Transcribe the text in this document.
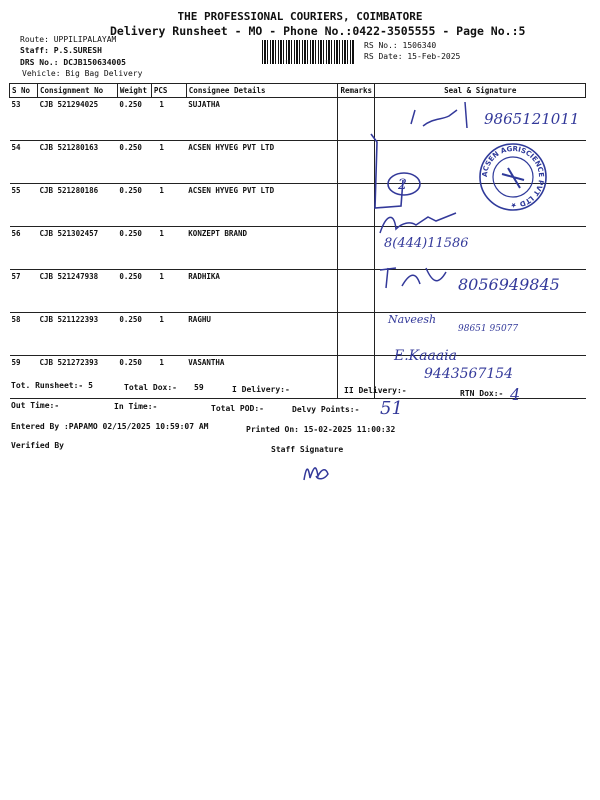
THE PROFESSIONAL COURIERS, COIMBATORE
Delivery Runsheet - MO - Phone No.:0422-3505555 - Page No.:5
Route: UPPILIPALAYAM
Staff: P.S.SURESH
DRS No.: DCJB150634005
Vehicle: Big Bag Delivery
RS No.: 1506340
RS Date: 15-Feb-2025
S No	Consignment No	Weight	PCS	Consignee Details	Remarks	Seal & Signature
53	CJB 521294025	0.250	1	SUJATHA		
54	CJB 521280163	0.250	1	ACSEN HYVEG PVT LTD		
55	CJB 521280186	0.250	1	ACSEN HYVEG PVT LTD		
56	CJB 521302457	0.250	1	KONZEPT BRAND		
57	CJB 521247938	0.250	1	RADHIKA		
58	CJB 521122393	0.250	1	RAGHU		
59	CJB 521272393	0.250	1	VASANTHA		
9865121011
2
ACSEN AGRISCIENCE PVT LTD ★
8(444)11586
8056949845
Naveesh
98651 95077
E.Kaaaia
9443567154
Tot. Runsheet:- 5	Total Dox:- 59	I Delivery:-	II Delivery:-	RTN Dox:- 4
Out Time:-	In Time:-	Total POD:-	Delvy Points:- 51
Entered By :PAPAMO 02/15/2025 10:59:07 AM	Printed On: 15-02-2025 11:00:32
Verified By	Staff Signature
